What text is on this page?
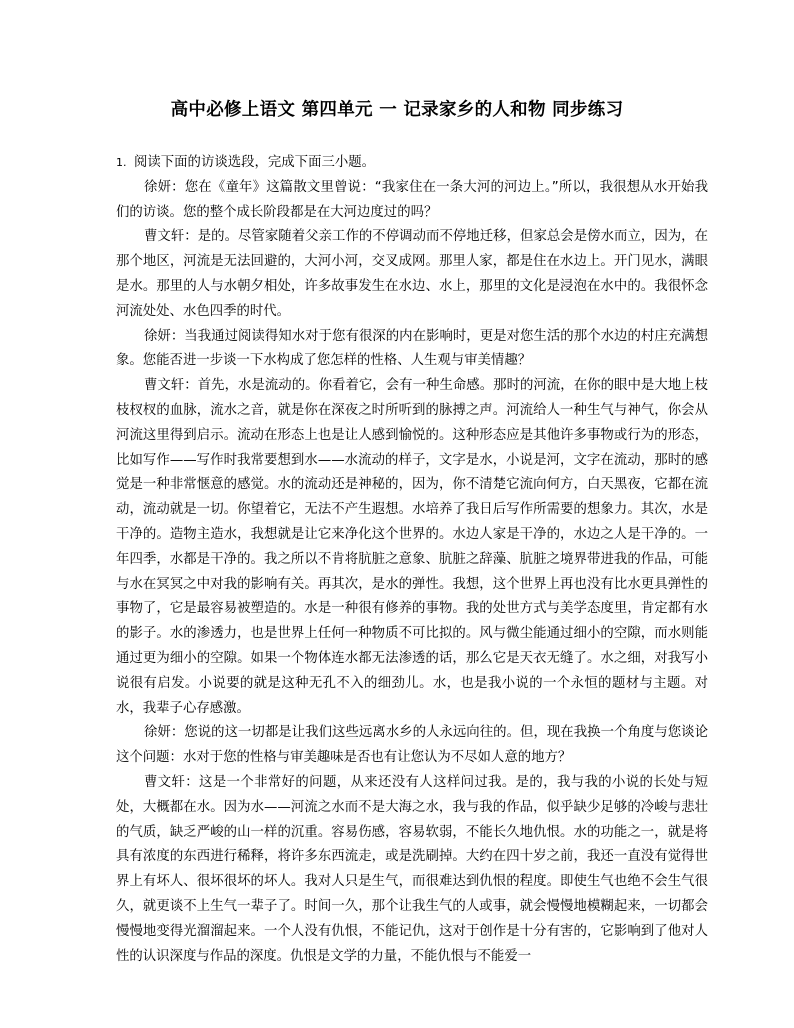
高中必修上语文 第四单元 一 记录家乡的人和物 同步练习
1. 阅读下面的访谈选段，完成下面三小题。

徐妍：您在《童年》这篇散文里曾说：“我家住在一条大河的河边上。”所以，我很想从水开始我们的访谈。您的整个成长阶段都是在大河边度过的吗？

曹文轩：是的。尽管家随着父亲工作的不停调动而不停地迁移，但家总会是傍水而立，因为，在那个地区，河流是无法回避的，大河小河，交叉成网。那里人家，都是住在水边上。开门见水，满眼是水。那里的人与水朝夕相处，许多故事发生在水边、水上，那里的文化是浸泡在水中的。我很怀念河流处处、水色四季的时代。

徐妍：当我通过阅读得知水对于您有很深的内在影响时，更是对您生活的那个水边的村庄充满想象。您能否进一步谈一下水构成了您怎样的性格、人生观与审美情趣？

曹文轩：首先，水是流动的。你看着它，会有一种生命感。那时的河流，在你的眼中是大地上枝枝杈杈的血脉，流水之音，就是你在深夜之时所听到的脉搏之声。河流给人一种生气与神气，你会从河流这里得到启示。流动在形态上也是让人感到愉悦的。这种形态应是其他许多事物或行为的形态，比如写作——写作时我常要想到水——水流动的样子，文字是水，小说是河，文字在流动，那时的感觉是一种非常惬意的感觉。水的流动还是神秘的，因为，你不清楚它流向何方，白天黑夜，它都在流动，流动就是一切。你望着它，无法不产生遐想。水培养了我日后写作所需要的想象力。其次，水是干净的。造物主造水，我想就是让它来净化这个世界的。水边人家是干净的，水边之人是干净的。一年四季，水都是干净的。我之所以不肯将肮脏之意象、肮脏之辞藻、肮脏之境界带进我的作品，可能与水在冥冥之中对我的影响有关。再其次，是水的弹性。我想，这个世界上再也没有比水更具弹性的事物了，它是最容易被塑造的。水是一种很有修养的事物。我的处世方式与美学态度里，肯定都有水的影子。水的渗透力，也是世界上任何一种物质不可比拟的。风与微尘能通过细小的空隙，而水则能通过更为细小的空隙。如果一个物体连水都无法渗透的话，那么它是天衣无缝了。水之细，对我写小说很有启发。小说要的就是这种无孔不入的细劲儿。水，也是我小说的一个永恒的题材与主题。对水，我辈子心存感激。

徐妍：您说的这一切都是让我们这些远离水乡的人永远向往的。但，现在我换一个角度与您谈论这个问题：水对于您的性格与审美趣味是否也有让您认为不尽如人意的地方？

曹文轩：这是一个非常好的问题，从来还没有人这样问过我。是的，我与我的小说的长处与短处，大概都在水。因为水——河流之水而不是大海之水，我与我的作品，似乎缺少足够的冷峻与悲壮的气质，缺乏严峻的山一样的沉重。容易伤感，容易软弱，不能长久地仇恨。水的功能之一，就是将具有浓度的东西进行稀释，将许多东西流走，或是洗刷掉。大约在四十岁之前，我还一直没有觉得世界上有坏人、很坏很坏的坏人。我对人只是生气，而很难达到仇恨的程度。即使生气也绝不会生气很久，就更谈不上生气一辈子了。时间一久，那个让我生气的人或事，就会慢慢地模糊起来，一切都会慢慢地变得光溜溜起来。一个人没有仇恨，不能记仇，这对于创作是十分有害的，它影响到了他对人性的认识深度与作品的深度。仇恨是文学的力量，不能仇恨与不能爱一
